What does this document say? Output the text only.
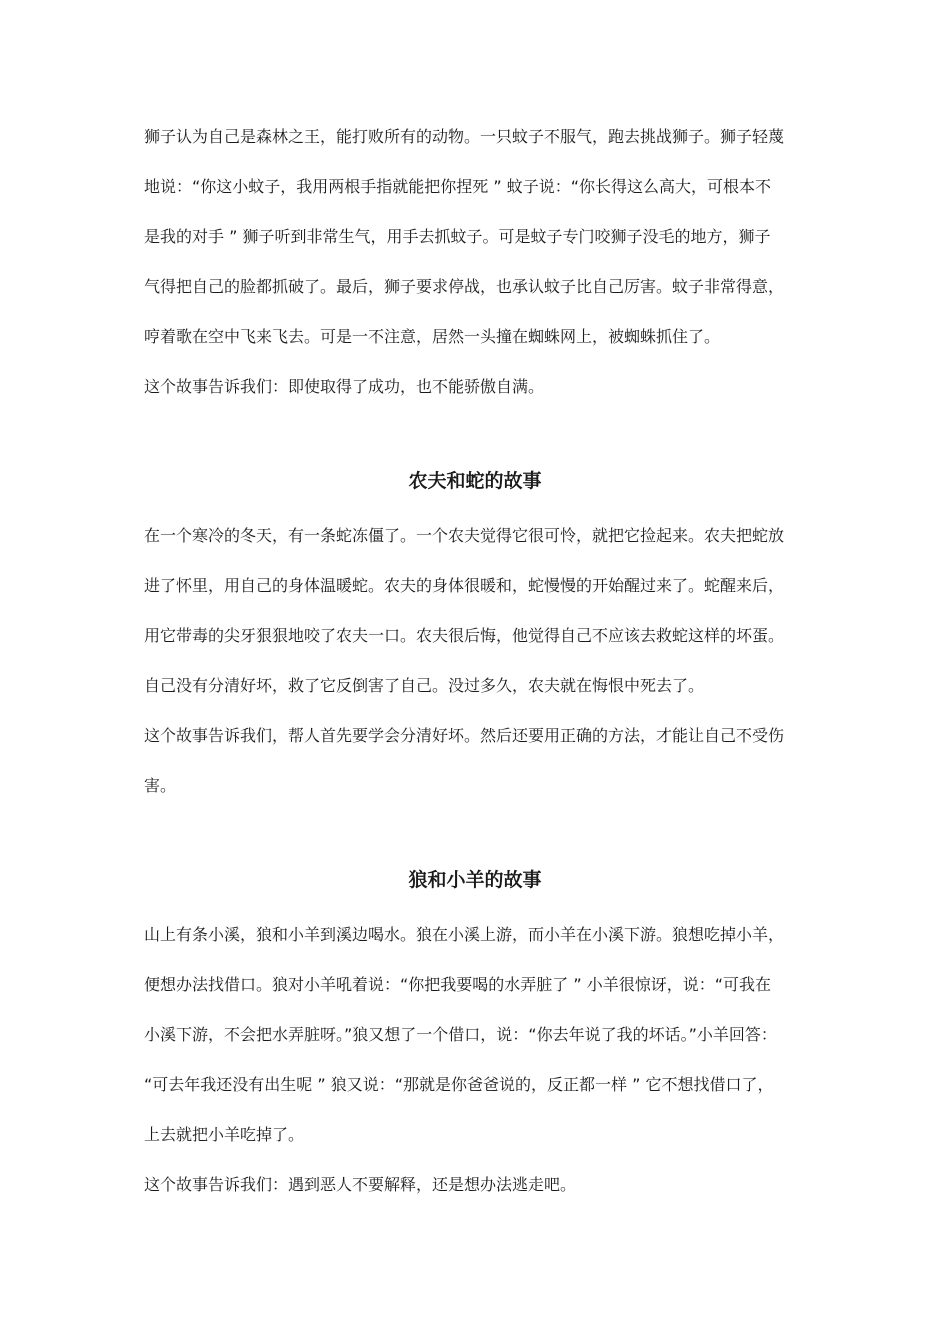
狮子认为自己是森林之王，能打败所有的动物。一只蚊子不服气，跑去挑战狮子。狮子轻蔑
地说：“你这小蚊子，我用两根手指就能把你捏死 ” 蚊子说：“你长得这么高大，可根本不
是我的对手 ” 狮子听到非常生气，用手去抓蚊子。可是蚊子专门咬狮子没毛的地方，狮子
气得把自己的脸都抓破了。最后，狮子要求停战，也承认蚊子比自己厉害。蚊子非常得意，
哼着歌在空中飞来飞去。可是一不注意，居然一头撞在蜘蛛网上，被蜘蛛抓住了。
这个故事告诉我们：即使取得了成功，也不能骄傲自满。
农夫和蛇的故事
在一个寒冷的冬天，有一条蛇冻僵了。一个农夫觉得它很可怜，就把它捡起来。农夫把蛇放
进了怀里，用自己的身体温暖蛇。农夫的身体很暖和，蛇慢慢的开始醒过来了。蛇醒来后，
用它带毒的尖牙狠狠地咬了农夫一口。农夫很后悔，他觉得自己不应该去救蛇这样的坏蛋。
自己没有分清好坏，救了它反倒害了自己。没过多久，农夫就在悔恨中死去了。
这个故事告诉我们，帮人首先要学会分清好坏。然后还要用正确的方法，才能让自己不受伤
害。
狼和小羊的故事
山上有条小溪，狼和小羊到溪边喝水。狼在小溪上游，而小羊在小溪下游。狼想吃掉小羊，
便想办法找借口。狼对小羊吼着说：“你把我要喝的水弄脏了 ” 小羊很惊讶，说：“可我在
小溪下游，不会把水弄脏呀。”狼又想了一个借口，说：“你去年说了我的坏话。”小羊回答：
“可去年我还没有出生呢 ” 狼又说：“那就是你爸爸说的，反正都一样 ” 它不想找借口了，
上去就把小羊吃掉了。
这个故事告诉我们：遇到恶人不要解释，还是想办法逃走吧。
